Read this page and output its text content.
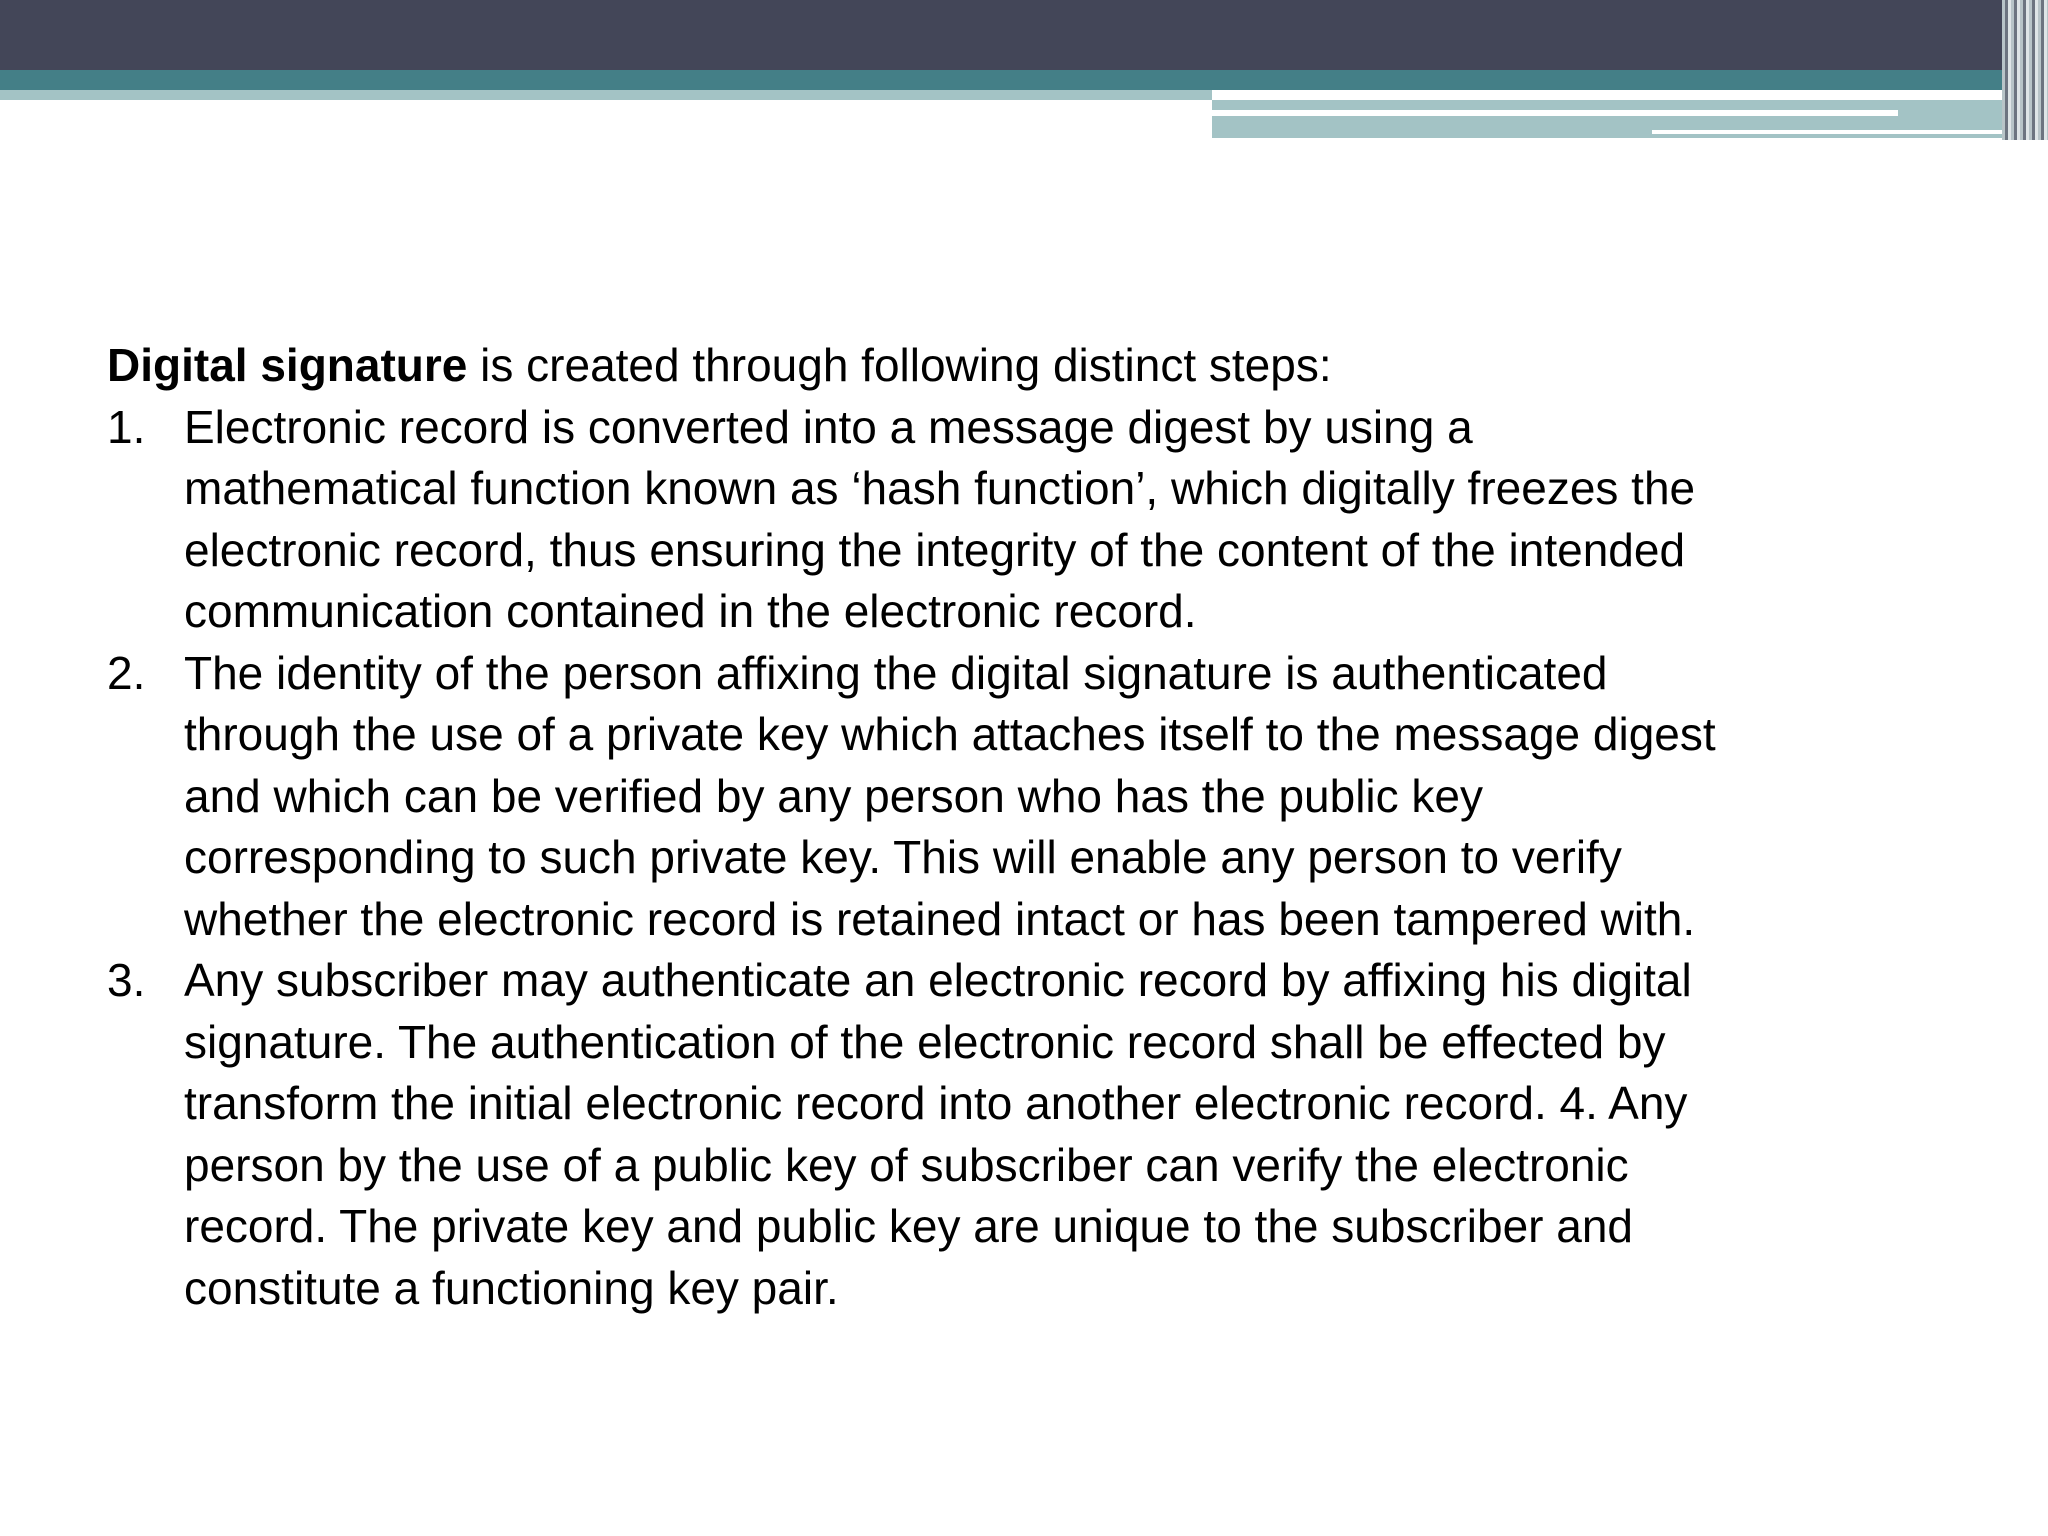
Digital signature is created through following distinct steps:

1. Electronic record is converted into a message digest by using a mathematical function known as ‘hash function’, which digitally freezes the electronic record, thus ensuring the integrity of the content of the intended communication contained in the electronic record.
2. The identity of the person affixing the digital signature is authenticated through the use of a private key which attaches itself to the message digest and which can be verified by any person who has the public key corresponding to such private key. This will enable any person to verify whether the electronic record is retained intact or has been tampered with.
3. Any subscriber may authenticate an electronic record by affixing his digital signature. The authentication of the electronic record shall be effected by transform the initial electronic record into another electronic record. 4. Any person by the use of a public key of subscriber can verify the electronic record. The private key and public key are unique to the subscriber and constitute a functioning key pair.
